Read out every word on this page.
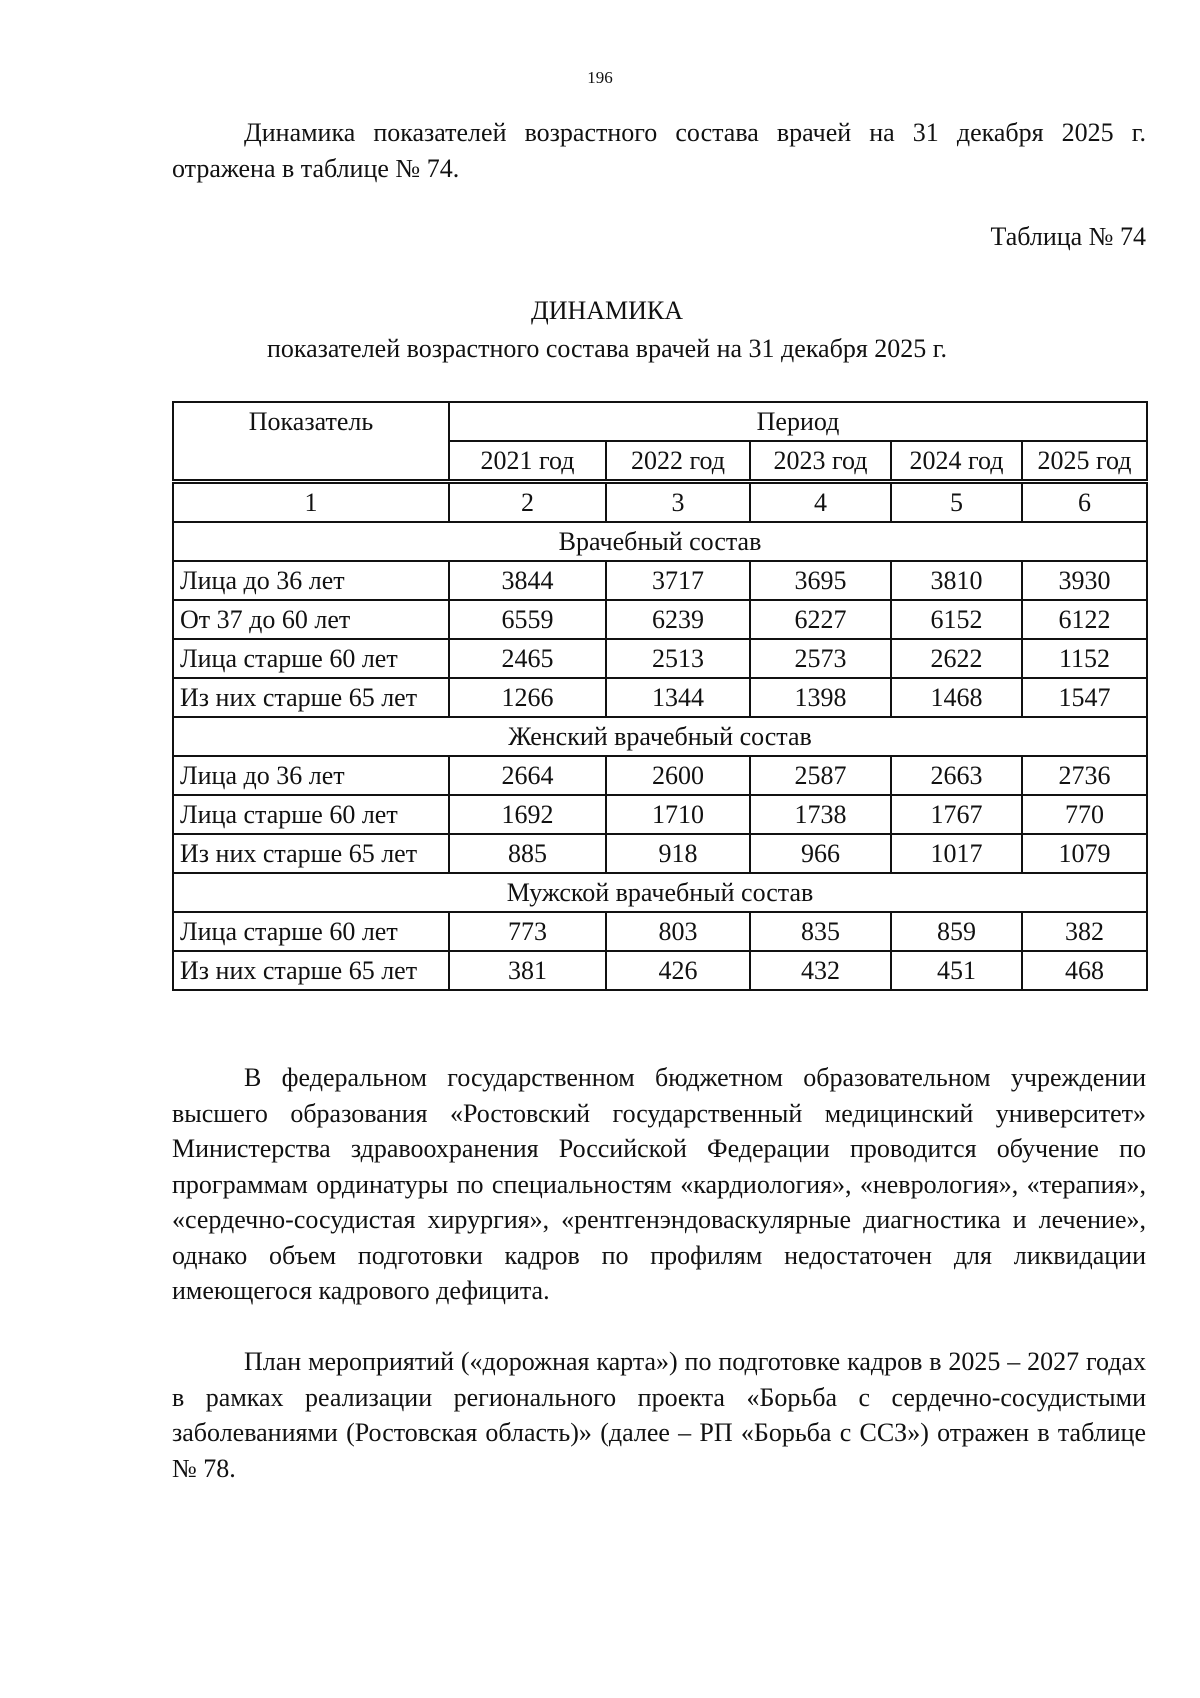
196

Динамика показателей возрастного состава врачей на 31 декабря 2025 г. отражена в таблице № 74.

Таблица № 74
ДИНАМИКА
показателей возрастного состава врачей на 31 декабря 2025 г.
Показатель	Период				
	2021 год	2022 год	2023 год	2024 год	2025 год
1	2	3	4	5	6
Врачебный состав					
Лица до 36 лет	3844	3717	3695	3810	3930
От 37 до 60 лет	6559	6239	6227	6152	6122
Лица старше 60 лет	2465	2513	2573	2622	1152
Из них старше 65 лет	1266	1344	1398	1468	1547
Женский врачебный состав					
Лица до 36 лет	2664	2600	2587	2663	2736
Лица старше 60 лет	1692	1710	1738	1767	770
Из них старше 65 лет	885	918	966	1017	1079
Мужской врачебный состав					
Лица старше 60 лет	773	803	835	859	382
Из них старше 65 лет	381	426	432	451	468

В федеральном государственном бюджетном образовательном учреждении высшего образования «Ростовский государственный медицинский университет» Министерства здравоохранения Российской Федерации проводится обучение по программам ординатуры по специальностям «кардиология», «неврология», «терапия», «сердечно-сосудистая хирургия», «рентгенэндоваскулярные диагностика и лечение», однако объем подготовки кадров по профилям недостаточен для ликвидации имеющегося кадрового дефицита.

План мероприятий («дорожная карта») по подготовке кадров в 2025 – 2027 годах в рамках реализации регионального проекта «Борьба с сердечно-сосудистыми заболеваниями (Ростовская область)» (далее – РП «Борьба с ССЗ») отражен в таблице № 78.
